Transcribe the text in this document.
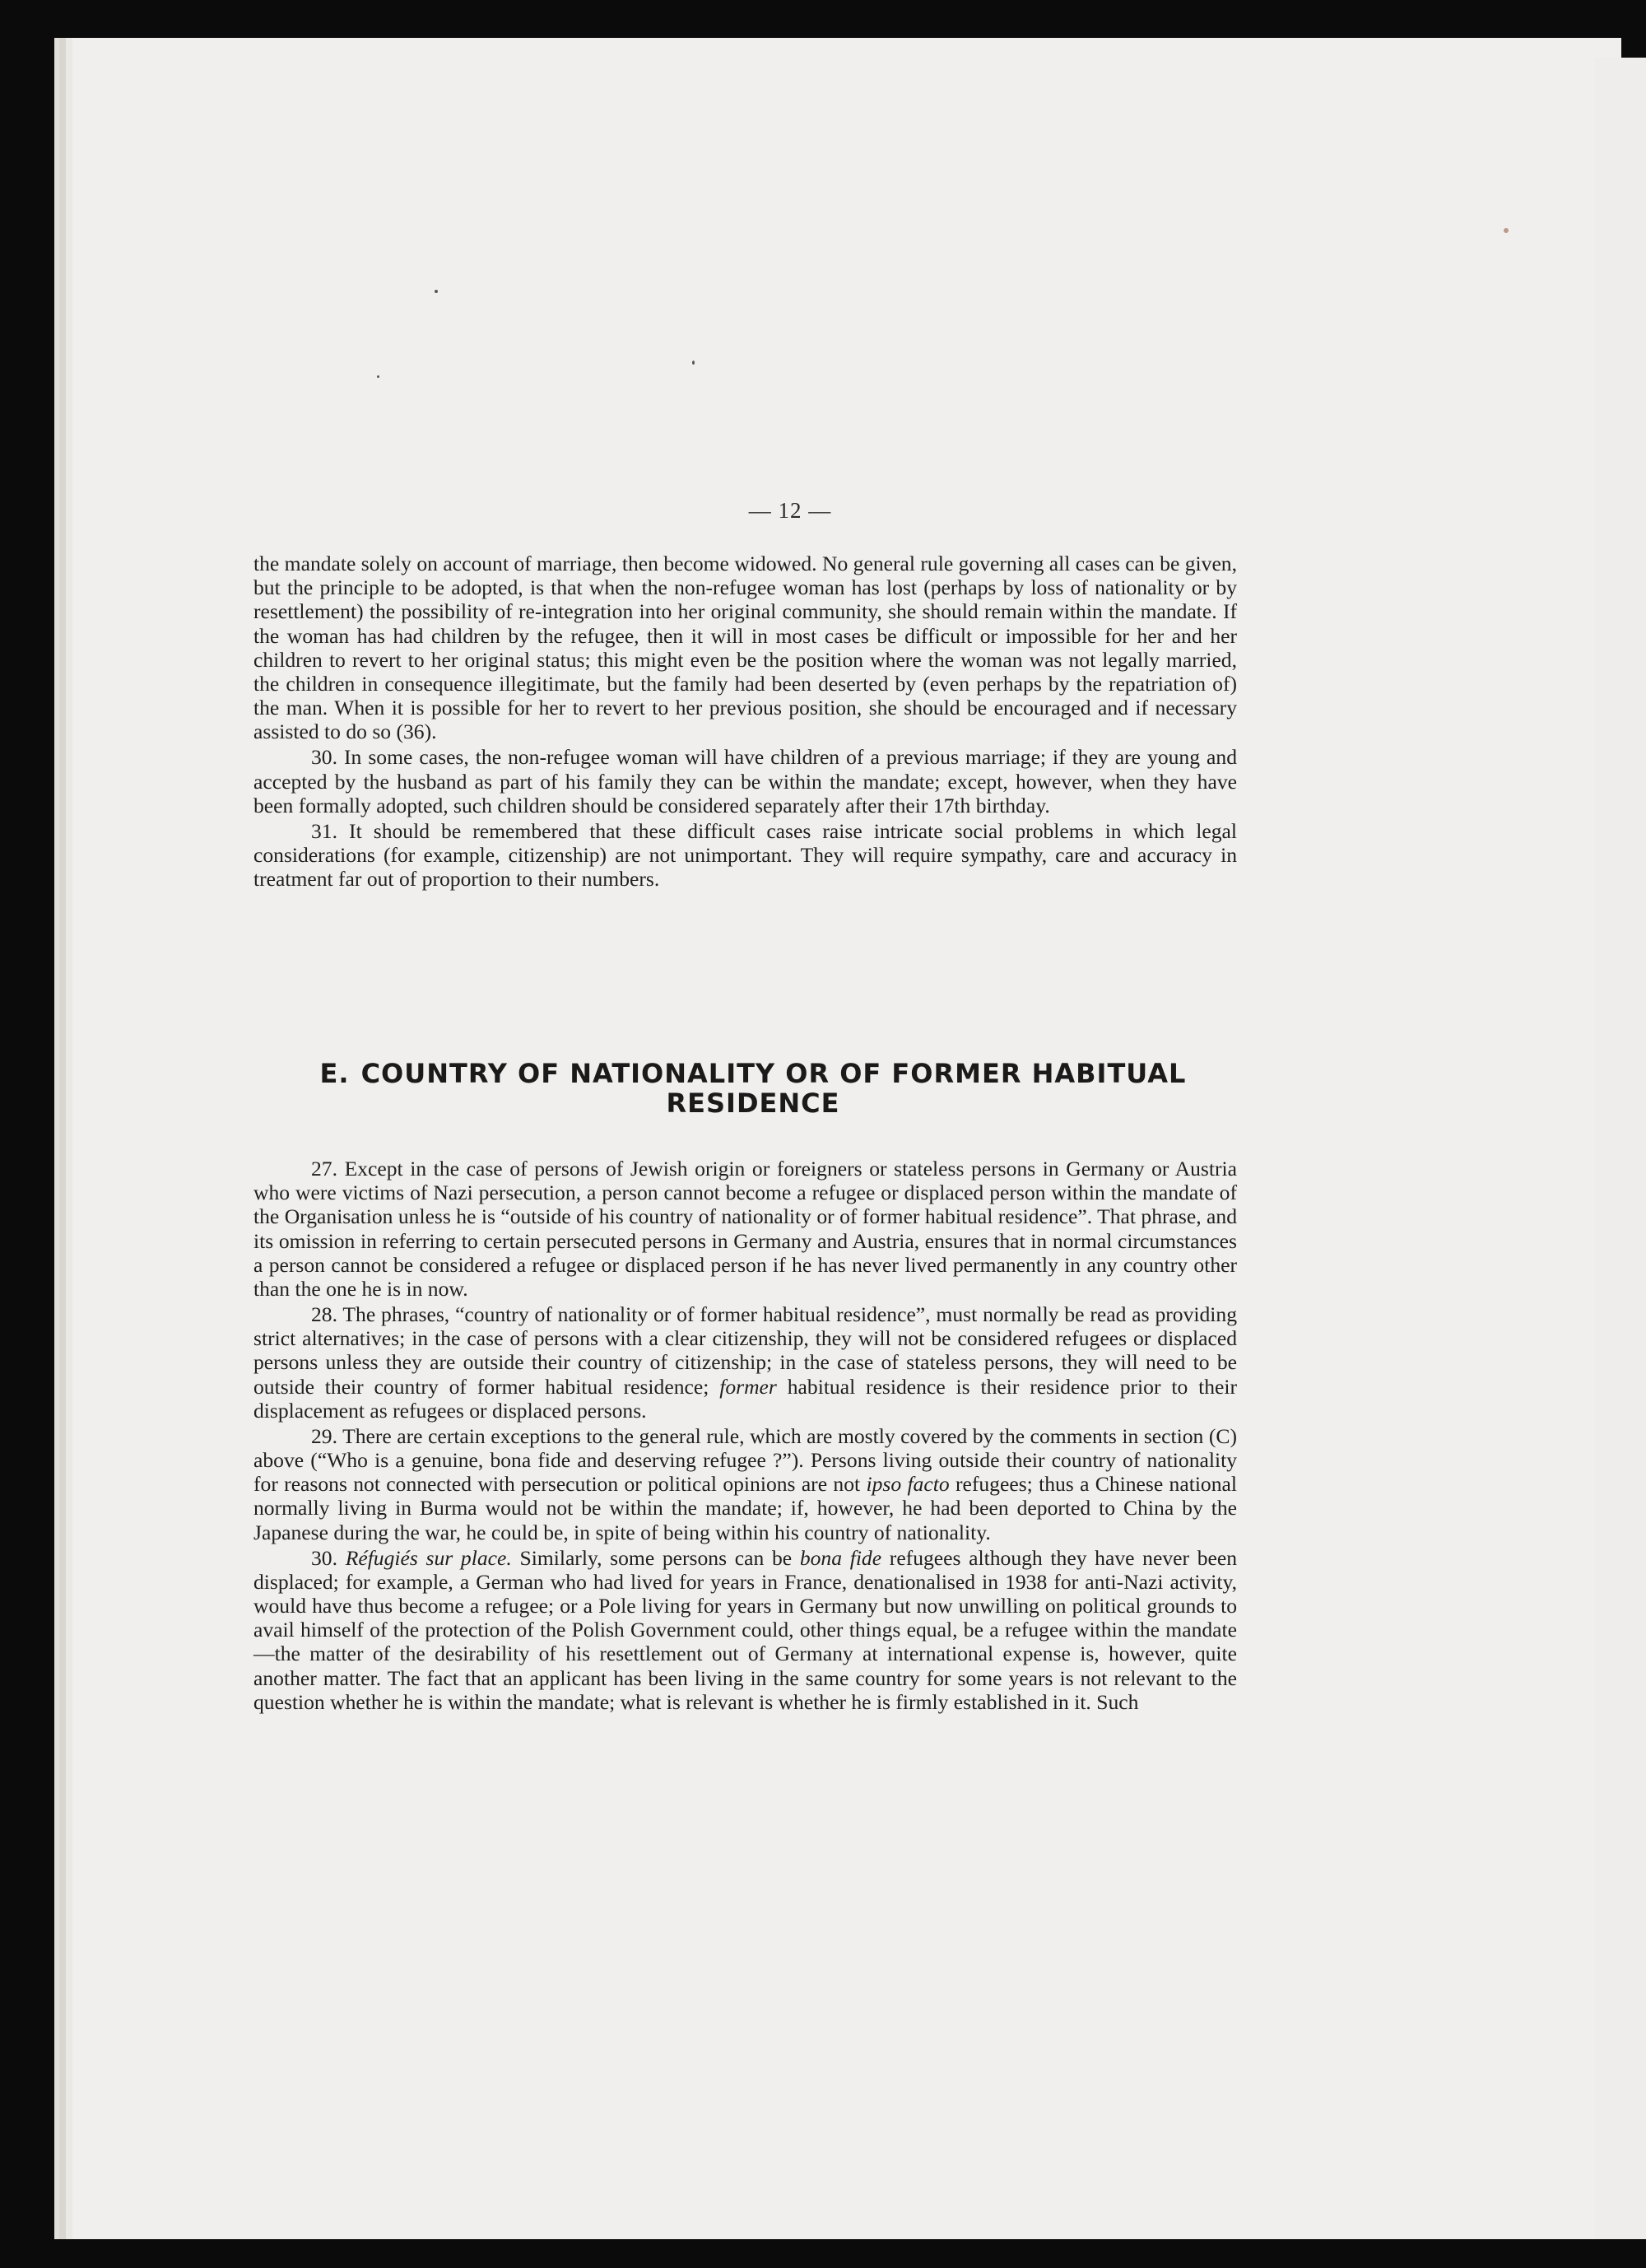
— 12 —

the mandate solely on account of marriage, then become widowed. No general rule governing all cases can be given, but the principle to be adopted, is that when the non-refugee woman has lost (perhaps by loss of nationality or by resettlement) the possibility of re-integration into her original community, she should remain within the mandate. If the woman has had children by the refugee, then it will in most cases be difficult or impossible for her and her children to revert to her original status; this might even be the position where the woman was not legally married, the children in consequence illegitimate, but the family had been deserted by (even perhaps by the repatriation of) the man. When it is possible for her to revert to her previous position, she should be encouraged and if necessary assisted to do so (36).

30. In some cases, the non-refugee woman will have children of a previous marriage; if they are young and accepted by the husband as part of his family they can be within the mandate; except, however, when they have been formally adopted, such children should be considered separately after their 17th birthday.

31. It should be remembered that these difficult cases raise intricate social problems in which legal considerations (for example, citizenship) are not unimportant. They will require sympathy, care and accuracy in treatment far out of proportion to their numbers.

E. COUNTRY OF NATIONALITY OR OF FORMER HABITUAL RESIDENCE

27. Except in the case of persons of Jewish origin or foreigners or stateless persons in Germany or Austria who were victims of Nazi persecution, a person cannot become a refugee or displaced person within the mandate of the Organisation unless he is “outside of his country of nationality or of former habitual residence”. That phrase, and its omission in referring to certain persecuted persons in Germany and Austria, ensures that in normal circumstances a person cannot be considered a refugee or displaced person if he has never lived permanently in any country other than the one he is in now.

28. The phrases, “country of nationality or of former habitual residence”, must normally be read as providing strict alternatives; in the case of persons with a clear citizenship, they will not be considered refugees or displaced persons unless they are outside their country of citizenship; in the case of stateless persons, they will need to be outside their country of former habitual residence; former habitual residence is their residence prior to their displacement as refugees or displaced persons.

29. There are certain exceptions to the general rule, which are mostly covered by the comments in section (C) above (“Who is a genuine, bona fide and deserving refugee ?”). Persons living outside their country of nationality for reasons not connected with persecution or political opinions are not ipso facto refugees; thus a Chinese national normally living in Burma would not be within the mandate; if, however, he had been deported to China by the Japanese during the war, he could be, in spite of being within his country of nationality.

30. Réfugiés sur place. Similarly, some persons can be bona fide refugees although they have never been displaced; for example, a German who had lived for years in France, denationalised in 1938 for anti-Nazi activity, would have thus become a refugee; or a Pole living for years in Germany but now unwilling on political grounds to avail himself of the protection of the Polish Government could, other things equal, be a refugee within the mandate—the matter of the desirability of his resettlement out of Germany at international expense is, however, quite another matter. The fact that an applicant has been living in the same country for some years is not relevant to the question whether he is within the mandate; what is relevant is whether he is firmly established in it. Such
